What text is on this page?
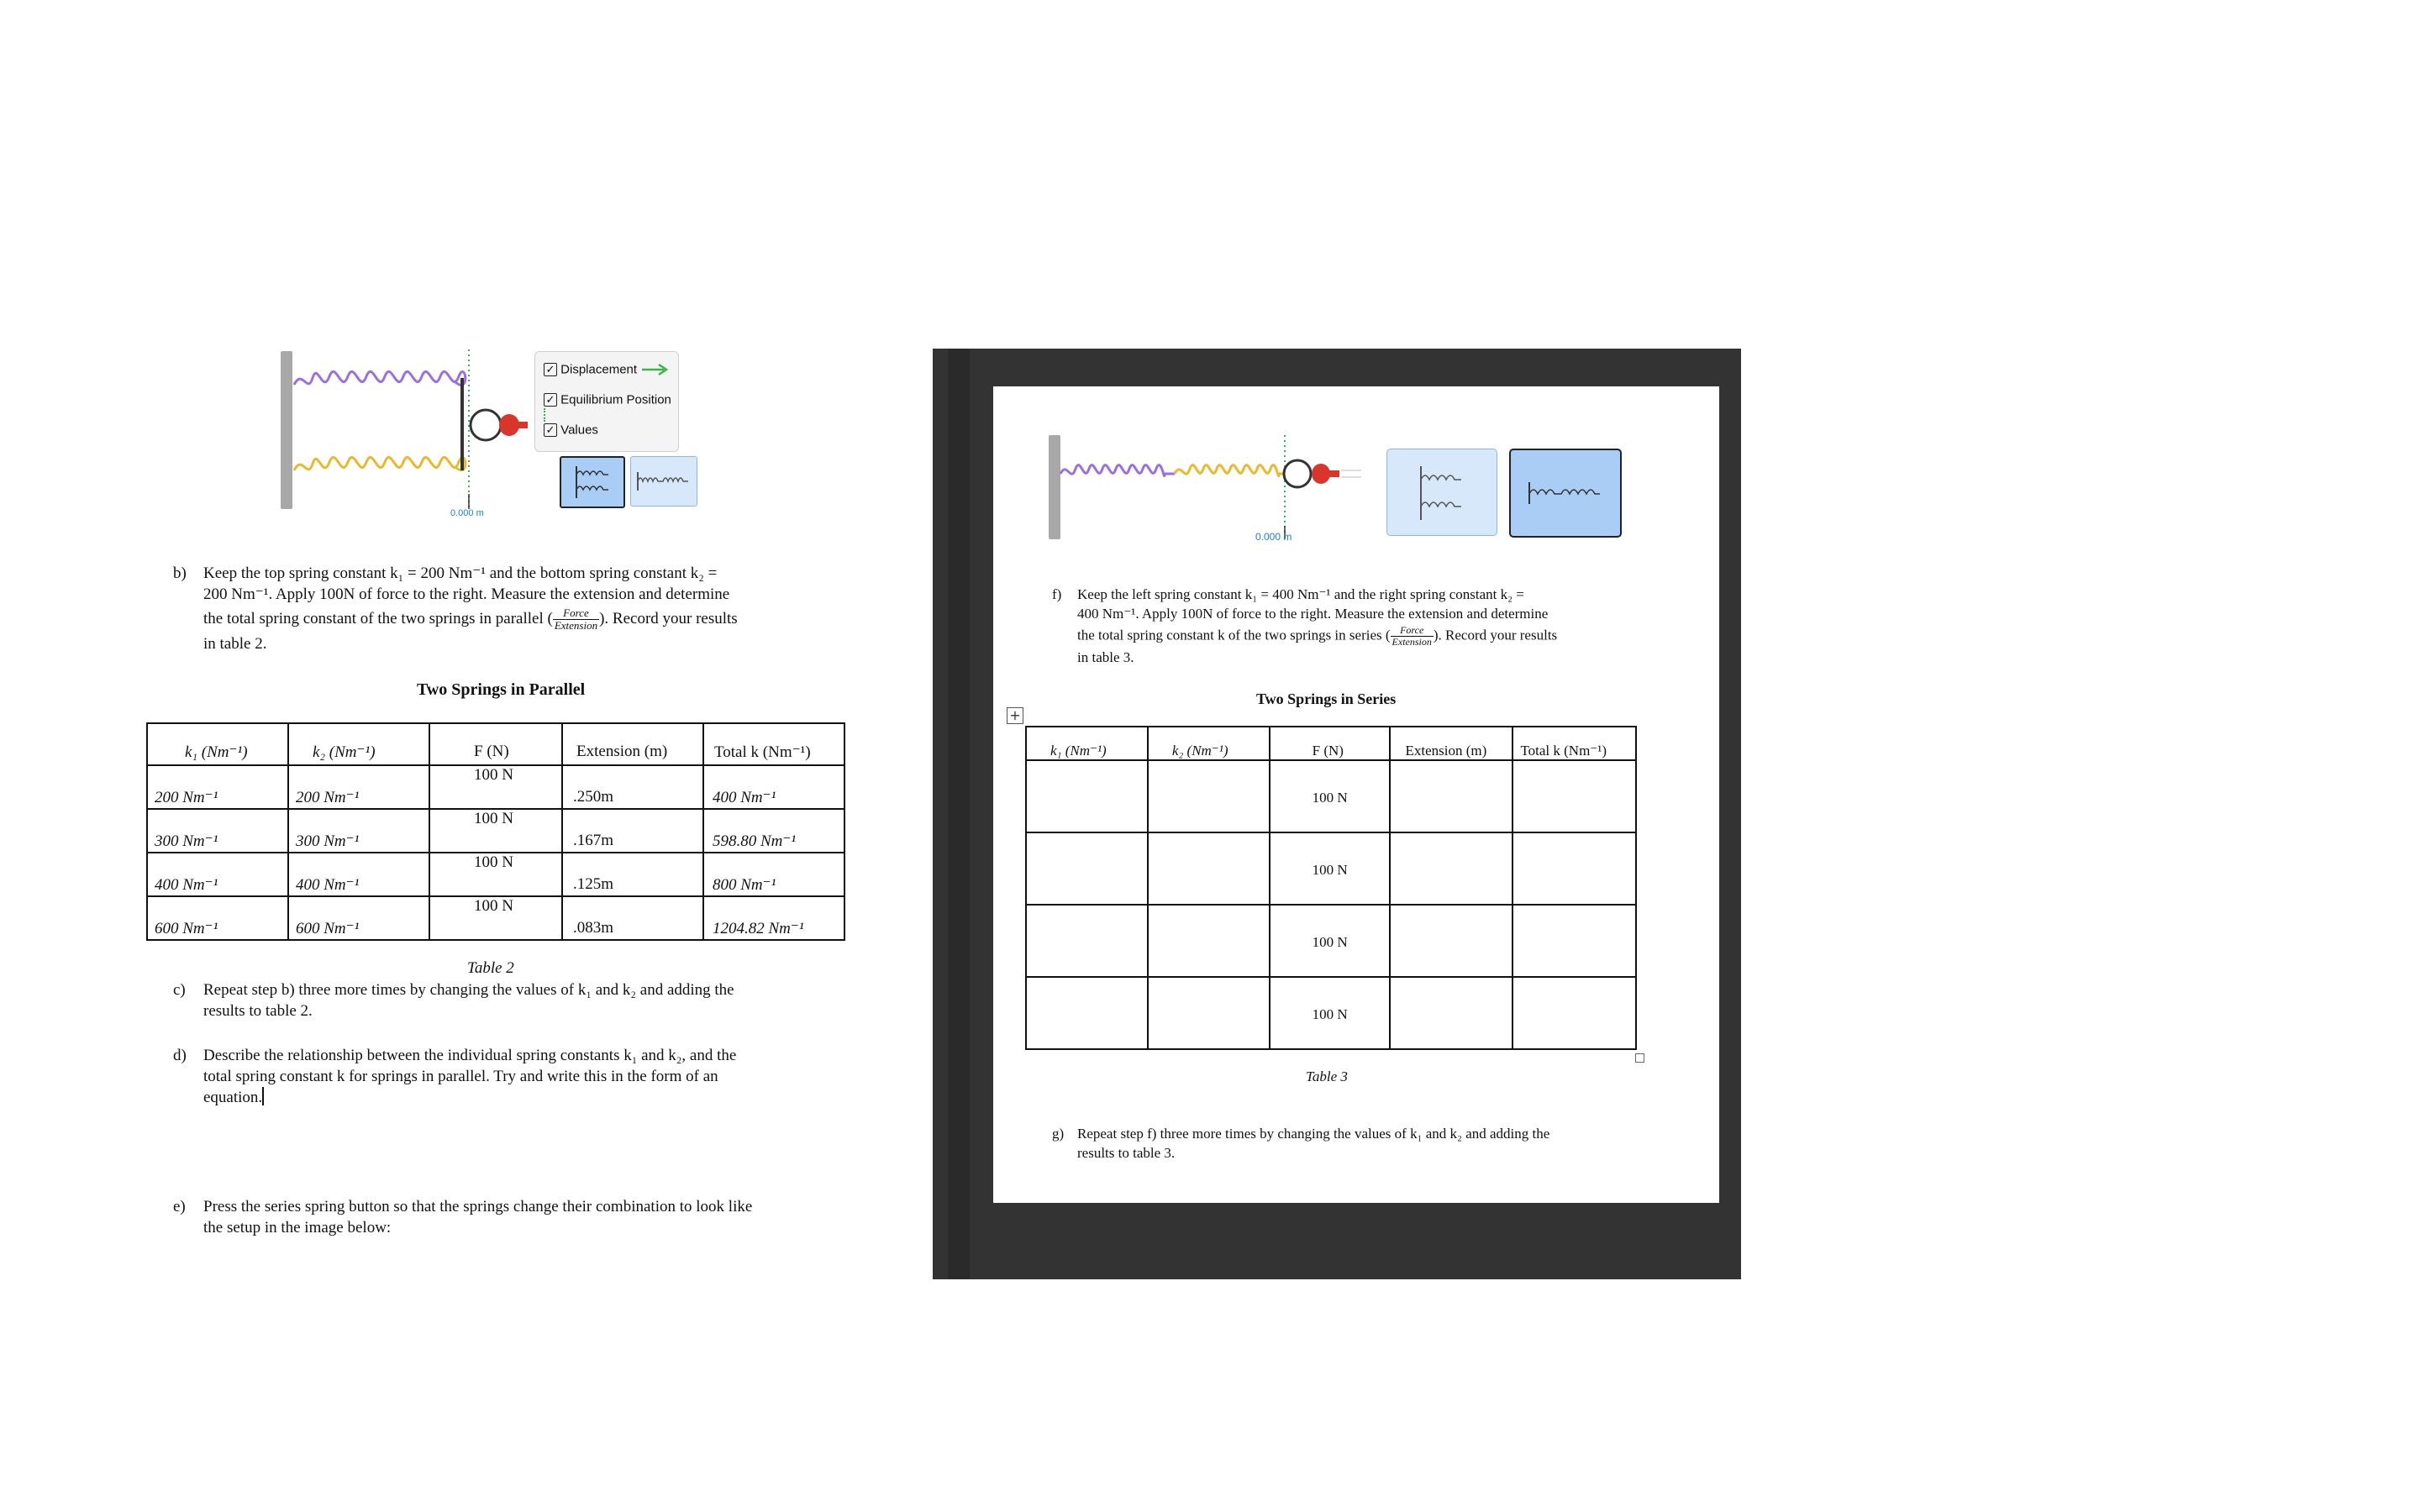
0.000 m
✓ Displacement
✓ Equilibrium Position
✓ Values
b) Keep the top spring constant k₁ = 200 Nm⁻¹ and the bottom spring constant k₂ =
200 Nm⁻¹. Apply 100N of force to the right. Measure the extension and determine
the total spring constant of the two springs in parallel ( $\frac{\text{Force}}{\text{Extension}}$ ). Record your results
in table 2.
Two Springs in Parallel
k₁ (Nm⁻¹)	k₂ (Nm⁻¹)	F (N)	Extension (m)	Total k (Nm⁻¹)

200 Nm⁻¹	200 Nm⁻¹	100 N	.250m	400 Nm⁻¹

300 Nm⁻¹	300 Nm⁻¹	100 N	.167m	598.80 Nm⁻¹

400 Nm⁻¹	400 Nm⁻¹	100 N	.125m	800 Nm⁻¹

600 Nm⁻¹	600 Nm⁻¹	100 N	.083m	1204.82 Nm⁻¹
Table 2
c) Repeat step b) three more times by changing the values of k₁ and k₂ and adding the
results to table 2.
d) Describe the relationship between the individual spring constants k₁ and k₂, and the
total spring constant k for springs in parallel. Try and write this in the form of an
equation.
e) Press the series spring button so that the springs change their combination to look like
the setup in the image below:
0.000 m
f) Keep the left spring constant k₁ = 400 Nm⁻¹ and the right spring constant k₂ =
400 Nm⁻¹. Apply 100N of force to the right. Measure the extension and determine
the total spring constant k of the two springs in series ( $\frac{\text{Force}}{\text{Extension}}$ ). Record your results
in table 3.
Two Springs in Series
+
k₁ (Nm⁻¹)	k₂ (Nm⁻¹)	F (N)	Extension (m)	Total k (Nm⁻¹)

		100 N		

		100 N		

		100 N		

		100 N		

Table 3
g) Repeat step f) three more times by changing the values of k₁ and k₂ and adding the
results to table 3.
